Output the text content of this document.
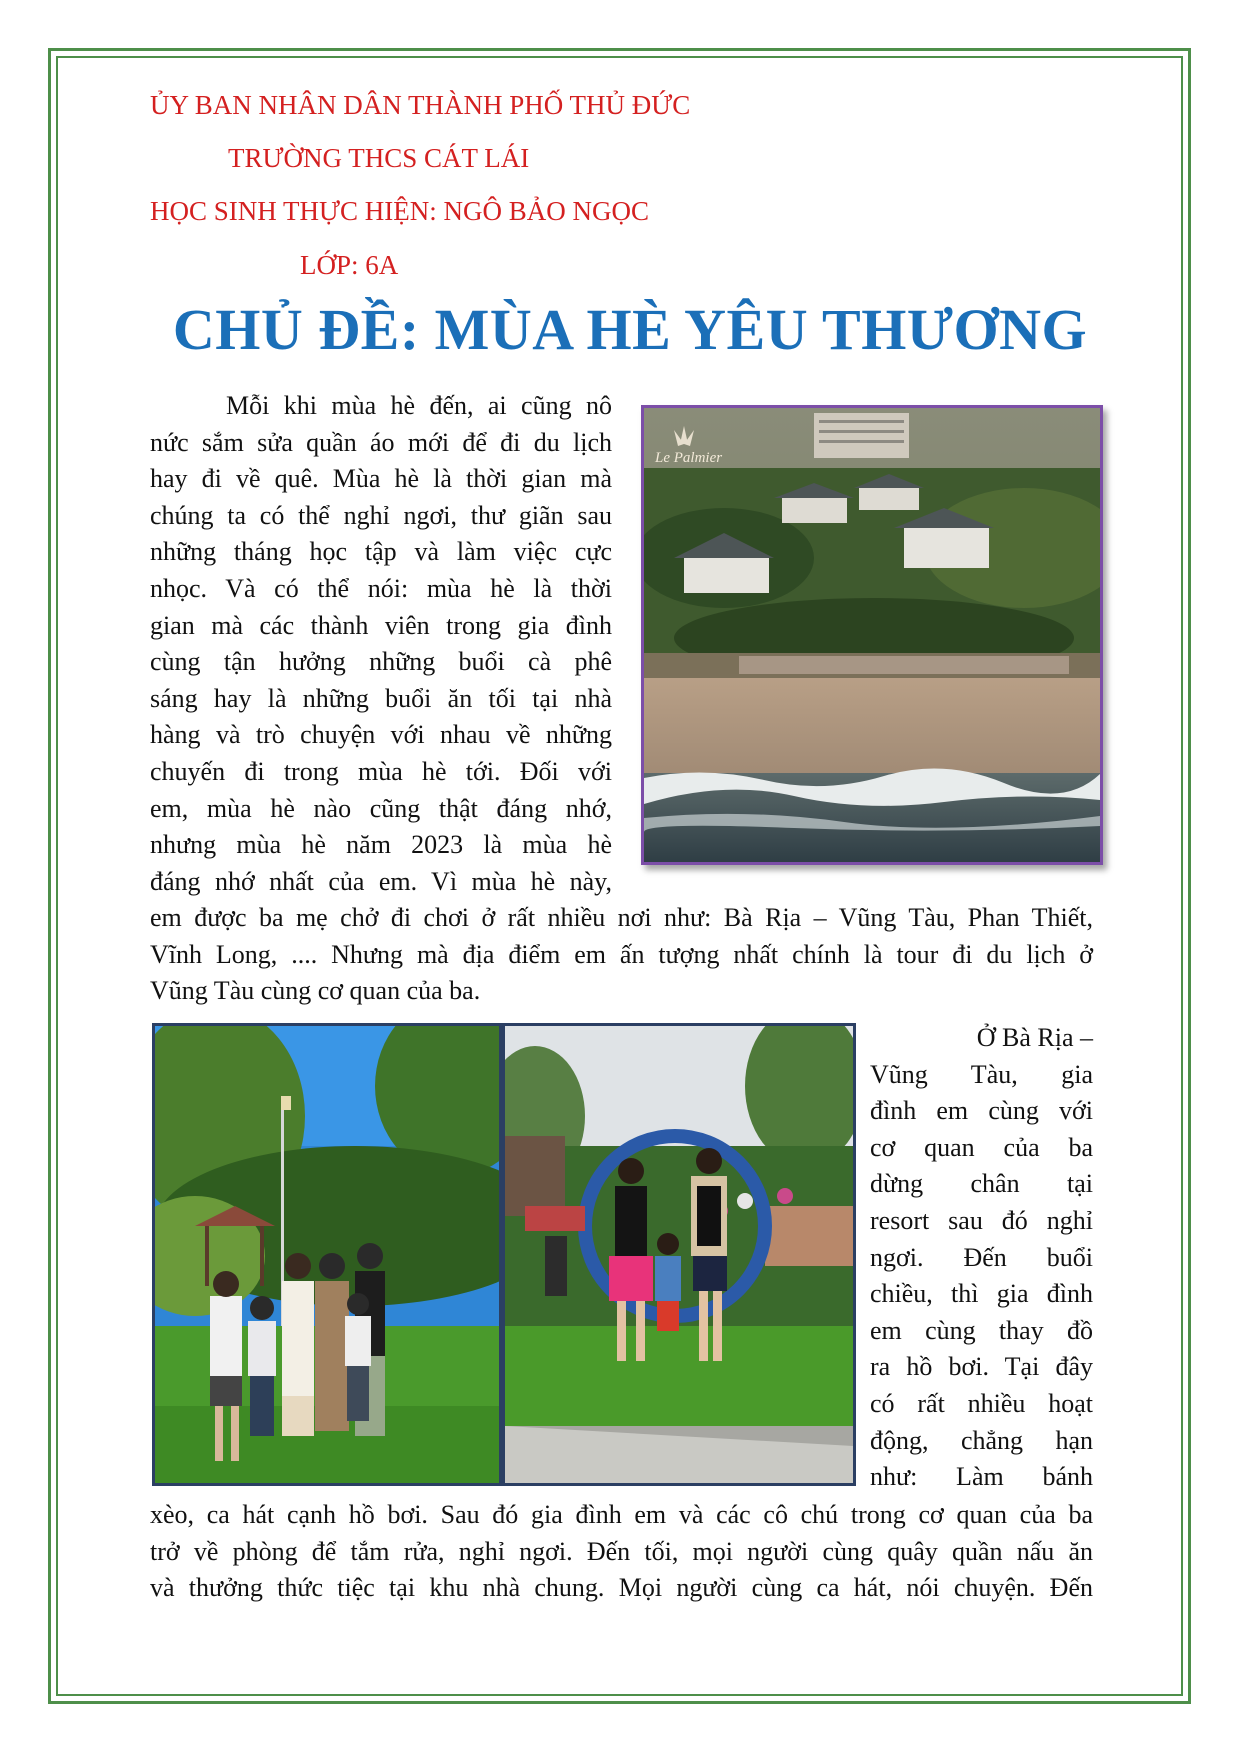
ỦY BAN NHÂN DÂN THÀNH PHỐ THỦ ĐỨC
TRƯỜNG THCS CÁT LÁI
HỌC SINH THỰC HIỆN: NGÔ BẢO NGỌC
LỚP: 6A
CHỦ ĐỀ: MÙA HÈ YÊU THƯƠNG
Mỗi khi mùa hè đến, ai cũng nô
nức sắm sửa quần áo mới để đi du lịch
hay đi về quê. Mùa hè là thời gian mà
chúng ta có thể nghỉ ngơi, thư giãn sau
những tháng học tập và làm việc cực
nhọc. Và có thể nói: mùa hè là thời
gian mà các thành viên trong gia đình
cùng tận hưởng những buổi cà phê
sáng hay là những buổi ăn tối tại nhà
hàng và trò chuyện với nhau về những
chuyến đi trong mùa hè tới. Đối với
em, mùa hè nào cũng thật đáng nhớ,
nhưng mùa hè năm 2023 là mùa hè
đáng nhớ nhất của em. Vì mùa hè này,
em được ba mẹ chở đi chơi ở rất nhiều nơi như: Bà Rịa – Vũng Tàu, Phan Thiết,
Vĩnh Long, .... Nhưng mà địa điểm em ấn tượng nhất chính là tour đi du lịch ở
Vũng Tàu cùng cơ quan của ba.
Le Palmier
Ở Bà Rịa –
Vũng Tàu, gia
đình em cùng với
cơ quan của ba
dừng chân tại
resort sau đó nghỉ
ngơi. Đến buổi
chiều, thì gia đình
em cùng thay đồ
ra hồ bơi. Tại đây
có rất nhiều hoạt
động, chẳng hạn
như: Làm bánh
xèo, ca hát cạnh hồ bơi. Sau đó gia đình em và các cô chú trong cơ quan của ba
trở về phòng để tắm rửa, nghỉ ngơi. Đến tối, mọi người cùng quây quần nấu ăn
và thưởng thức tiệc tại khu nhà chung. Mọi người cùng ca hát, nói chuyện. Đến
